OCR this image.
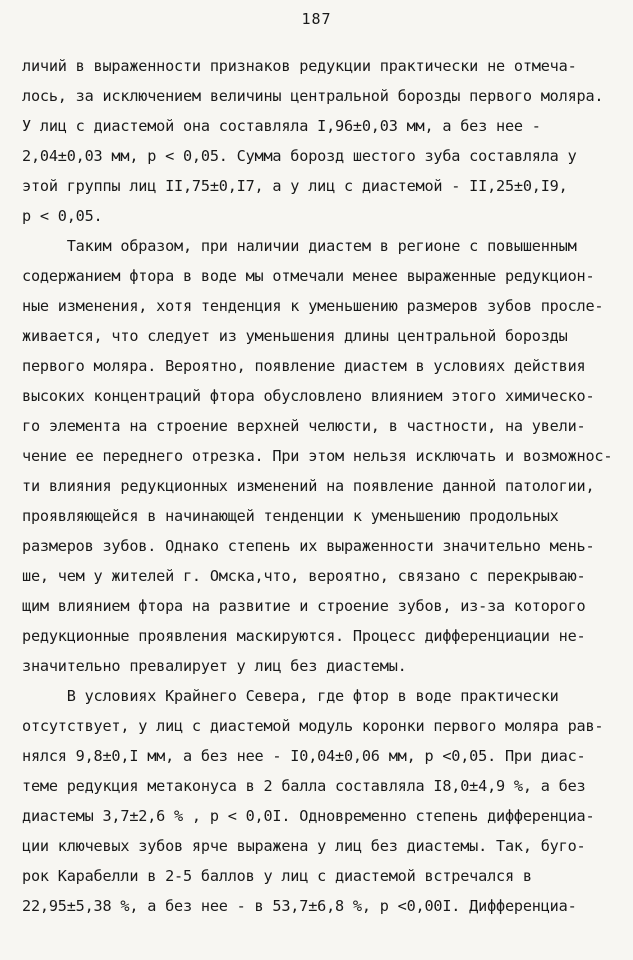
187
личий в выраженности признаков редукции практически не отмеча-
лось, за исключением величины центральной борозды первого моляра.
У лиц с диастемой она составляла I,96±0,03 мм, а без нее -
2,04±0,03 мм, р < 0,05. Сумма борозд шестого зуба составляла у
этой группы лиц II,75±0,I7, а у лиц с диастемой - II,25±0,I9,
р < 0,05.
Таким образом, при наличии диастем в регионе с повышенным
содержанием фтора в воде мы отмечали менее выраженные редукцион-
ные изменения, хотя тенденция к уменьшению размеров зубов просле-
живается, что следует из уменьшения длины центральной борозды
первого моляра. Вероятно, появление диастем в условиях действия
высоких концентраций фтора обусловлено влиянием этого химическо-
го элемента на строение верхней челюсти, в частности, на увели-
чение ее переднего отрезка. При этом нельзя исключать и возможнос-
ти влияния редукционных изменений на появление данной патологии,
проявляющейся в начинающей тенденции к уменьшению продольных
размеров зубов. Однако степень их выраженности значительно мень-
ше, чем у жителей г. Омска,что, вероятно, связано с перекрываю-
щим влиянием фтора на развитие и строение зубов, из-за которого
редукционные проявления маскируются. Процесс дифференциации не-
значительно превалирует у лиц без диастемы.
В условиях Крайнего Севера, где фтор в воде практически
отсутствует, у лиц с диастемой модуль коронки первого моляра рав-
нялся 9,8±0,I мм, а без нее - I0,04±0,06 мм, р <0,05. При диас-
теме редукция метаконуса в 2 балла составляла I8,0±4,9 %, а без
диастемы 3,7±2,6 % , р < 0,0I. Одновременно степень дифференциа-
ции ключевых зубов ярче выражена у лиц без диастемы. Так, бугo-
рок Карабелли в 2-5 баллов у лиц с диастемой встречался в
22,95±5,38 %, а без нее - в 53,7±6,8 %, р <0,00I. Дифференциа-
